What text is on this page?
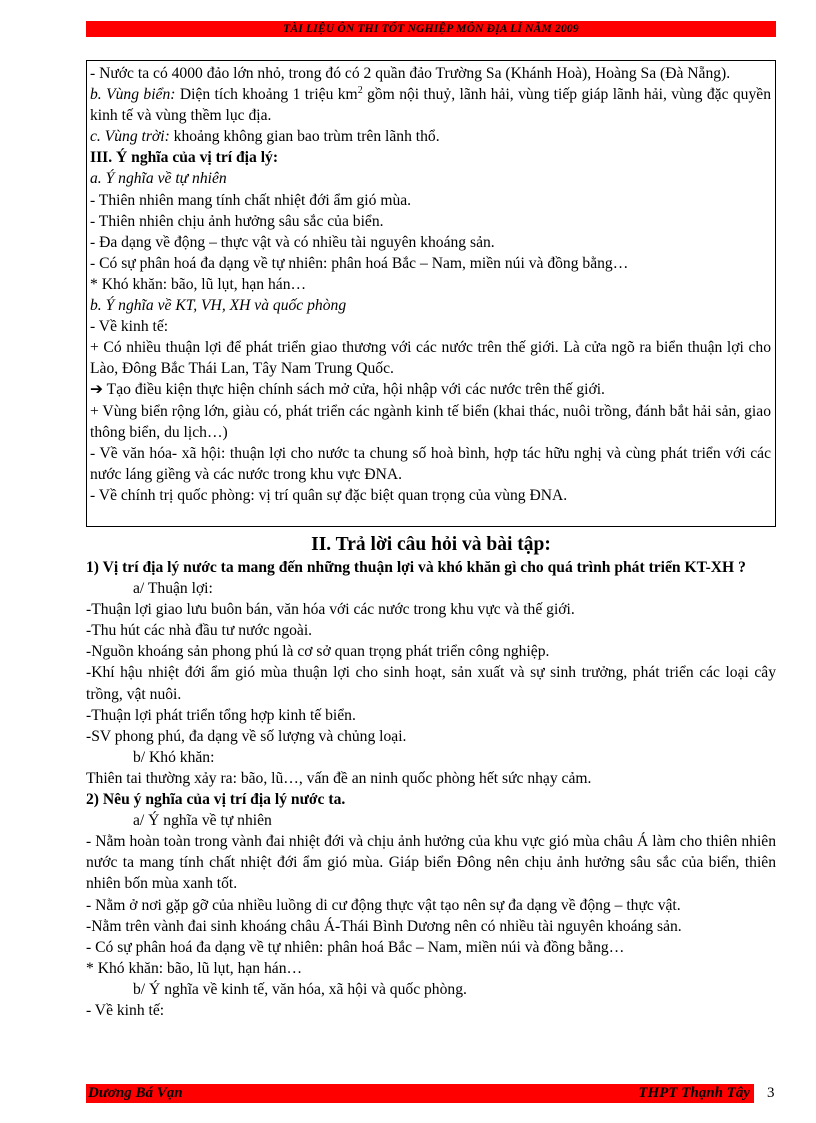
TÀI LIỆU ÔN THI TỐT NGHIỆP MÔN ĐỊA LÍ NĂM 2009

- Nước ta có 4000 đảo lớn nhỏ, trong đó có 2 quần đảo Trường Sa (Khánh Hoà), Hoàng Sa (Đà Nẵng).

b. Vùng biển: Diện tích khoảng 1 triệu $km^2$ gồm nội thuỷ, lãnh hải, vùng tiếp giáp lãnh hải, vùng đặc quyền kinh tế và vùng thềm lục địa.

c. Vùng trời: khoảng không gian bao trùm trên lãnh thổ.

III. Ý nghĩa của vị trí địa lý:

a. Ý nghĩa về tự nhiên

- Thiên nhiên mang tính chất nhiệt đới ẩm gió mùa.

- Thiên nhiên chịu ảnh hưởng sâu sắc của biển.

- Đa dạng về động – thực vật và có nhiều tài nguyên khoáng sản.

- Có sự phân hoá đa dạng về tự nhiên: phân hoá Bắc – Nam, miền núi và đồng bằng…

* Khó khăn: bão, lũ lụt, hạn hán…

b. Ý nghĩa về KT, VH, XH và quốc phòng

- Về kinh tế:

+ Có nhiều thuận lợi để phát triển giao thương với các nước trên thế giới. Là cửa ngõ ra biển thuận lợi cho Lào, Đông Bắc Thái Lan, Tây Nam Trung Quốc.

➔ Tạo điều kiện thực hiện chính sách mở cửa, hội nhập với các nước trên thế giới.

+ Vùng biển rộng lớn, giàu có, phát triển các ngành kinh tế biển (khai thác, nuôi trồng, đánh bắt hải sản, giao thông biển, du lịch…)

- Về văn hóa- xã hội: thuận lợi cho nước ta chung số hoà bình, hợp tác hữu nghị và cùng phát triển với các nước láng giềng và các nước trong khu vực ĐNA.

- Về chính trị quốc phòng: vị trí quân sự đặc biệt quan trọng của vùng ĐNA.

II. Trả lời câu hỏi và bài tập:

1) Vị trí địa lý nước ta mang đến những thuận lợi và khó khăn gì cho quá trình phát triển KT-XH ?

a/ Thuận lợi:

-Thuận lợi giao lưu buôn bán, văn hóa với các nước trong khu vực và thế giới.

-Thu hút các nhà đầu tư nước ngoài.

-Nguồn khoáng sản phong phú là cơ sở quan trọng phát triển công nghiệp.

-Khí hậu nhiệt đới ẩm gió mùa thuận lợi cho sinh hoạt, sản xuất và sự sinh trưởng, phát triển các loại cây trồng, vật nuôi.

-Thuận lợi phát triển tổng hợp kinh tế biển.

-SV phong phú, đa dạng về số lượng và chủng loại.

b/ Khó khăn:

Thiên tai thường xảy ra: bão, lũ…, vấn đề an ninh quốc phòng hết sức nhạy cảm.

2) Nêu ý nghĩa của vị trí địa lý nước ta.

a/ Ý nghĩa về tự nhiên

- Nằm hoàn toàn trong vành đai nhiệt đới và chịu ảnh hưởng của khu vực gió mùa châu Á làm cho thiên nhiên nước ta mang tính chất nhiệt đới ẩm gió mùa. Giáp biển Đông nên chịu ảnh hưởng sâu sắc của biển, thiên nhiên bốn mùa xanh tốt.

- Nằm ở nơi gặp gỡ của nhiều luồng di cư động thực vật tạo nên sự đa dạng về động – thực vật.

-Nằm trên vành đai sinh khoáng châu Á-Thái Bình Dương nên có nhiều tài nguyên khoáng sản.

- Có sự phân hoá đa dạng về tự nhiên: phân hoá Bắc – Nam, miền núi và đồng bằng…

* Khó khăn: bão, lũ lụt, hạn hán…

b/ Ý nghĩa về kinh tế, văn hóa, xã hội và quốc phòng.

- Về kinh tế:

Dương Bá Vạn	THPT Thạnh Tây 3
